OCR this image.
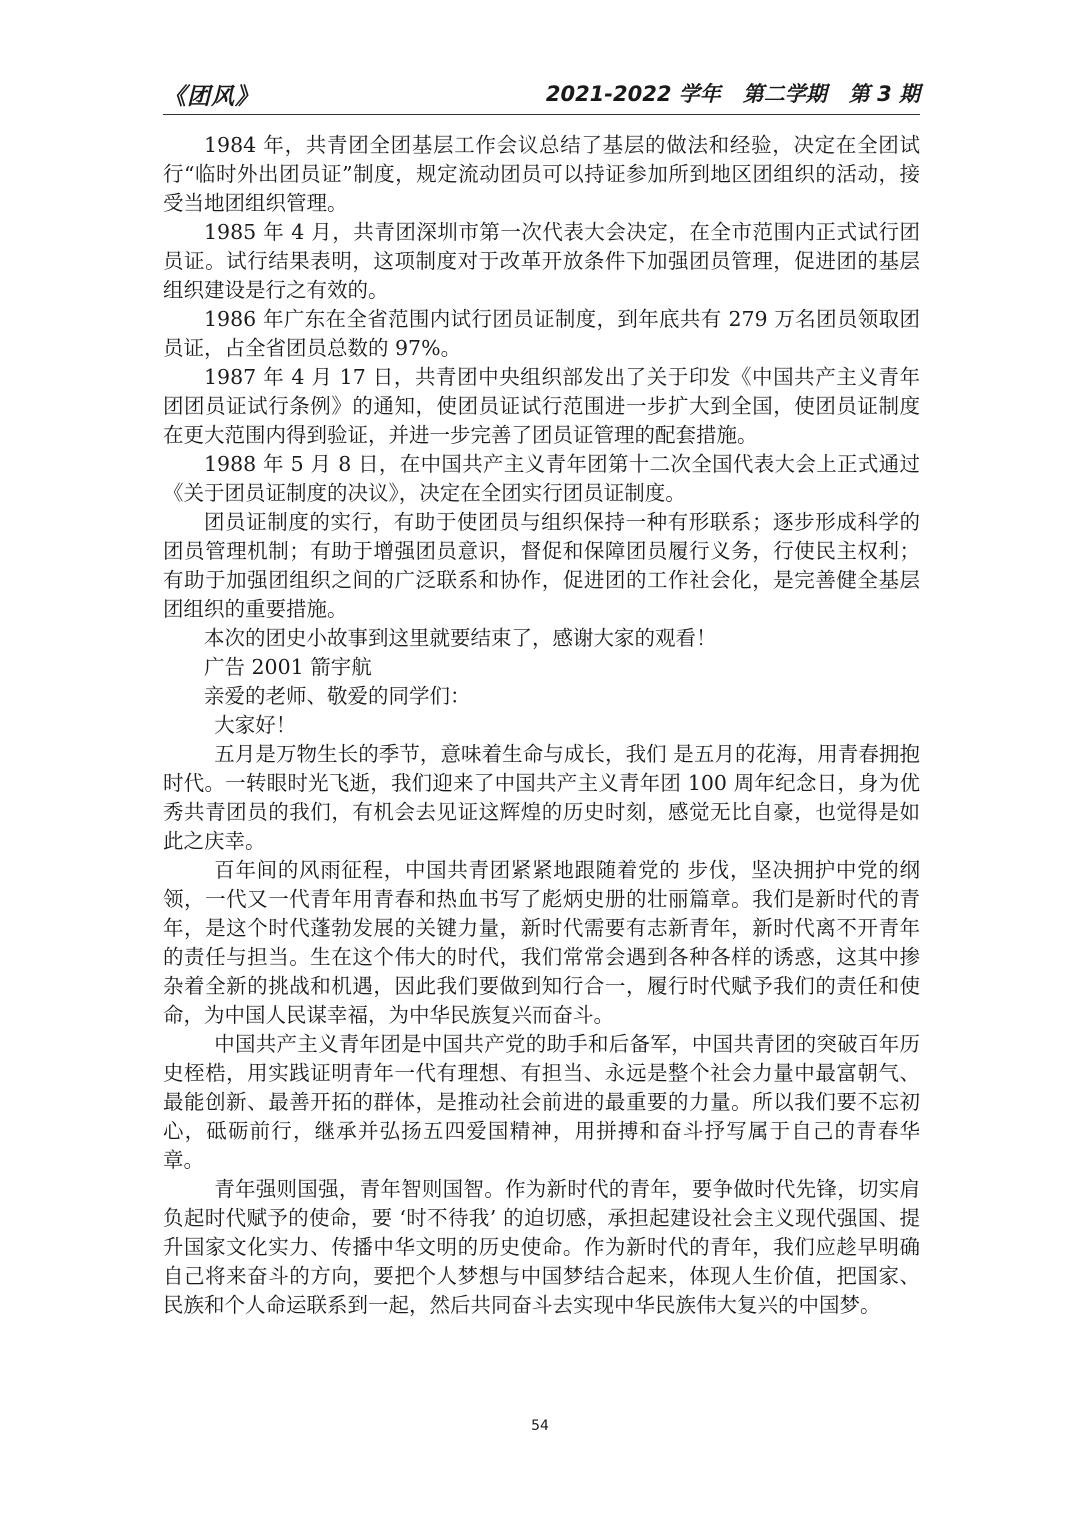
《团风》	2021-2022 学年 第二学期 第 3 期

1984 年，共青团全团基层工作会议总结了基层的做法和经验，决定在全团试行“临时外出团员证”制度，规定流动团员可以持证参加所到地区团组织的活动，接受当地团组织管理。

1985 年 4 月，共青团深圳市第一次代表大会决定，在全市范围内正式试行团员证。试行结果表明，这项制度对于改革开放条件下加强团员管理，促进团的基层组织建设是行之有效的。

1986 年广东在全省范围内试行团员证制度，到年底共有 279 万名团员领取团员证，占全省团员总数的 97%。

1987 年 4 月 17 日，共青团中央组织部发出了关于印发《中国共产主义青年团团员证试行条例》的通知，使团员证试行范围进一步扩大到全国，使团员证制度在更大范围内得到验证，并进一步完善了团员证管理的配套措施。

1988 年 5 月 8 日，在中国共产主义青年团第十二次全国代表大会上正式通过《关于团员证制度的决议》，决定在全团实行团员证制度。

团员证制度的实行，有助于使团员与组织保持一种有形联系；逐步形成科学的团员管理机制；有助于增强团员意识，督促和保障团员履行义务，行使民主权利；有助于加强团组织之间的广泛联系和协作，促进团的工作社会化，是完善健全基层团组织的重要措施。

本次的团史小故事到这里就要结束了，感谢大家的观看！

广告 2001 箭宇航

亲爱的老师、敬爱的同学们：

大家好！

五月是万物生长的季节，意味着生命与成长，我们 是五月的花海，用青春拥抱时代。一转眼时光飞逝，我们迎来了中国共产主义青年团 100 周年纪念日，身为优秀共青团员的我们，有机会去见证这辉煌的历史时刻，感觉无比自豪，也觉得是如此之庆幸。

百年间的风雨征程，中国共青团紧紧地跟随着党的 步伐，坚决拥护中党的纲领，一代又一代青年用青春和热血书写了彪炳史册的壮丽篇章。我们是新时代的青年，是这个时代蓬勃发展的关键力量，新时代需要有志新青年，新时代离不开青年的责任与担当。生在这个伟大的时代，我们常常会遇到各种各样的诱惑，这其中掺杂着全新的挑战和机遇，因此我们要做到知行合一，履行时代赋予我们的责任和使命，为中国人民谋幸福，为中华民族复兴而奋斗。

中国共产主义青年团是中国共产党的助手和后备军，中国共青团的突破百年历史桎梏，用实践证明青年一代有理想、有担当、永远是整个社会力量中最富朝气、最能创新、最善开拓的群体，是推动社会前进的最重要的力量。所以我们要不忘初心，砥砺前行，继承并弘扬五四爱国精神，用拼搏和奋斗抒写属于自己的青春华章。

青年强则国强，青年智则国智。作为新时代的青年，要争做时代先锋，切实肩负起时代赋予的使命，要 ‘时不待我’ 的迫切感，承担起建设社会主义现代强国、提升国家文化实力、传播中华文明的历史使命。作为新时代的青年，我们应趁早明确自己将来奋斗的方向，要把个人梦想与中国梦结合起来，体现人生价值，把国家、民族和个人命运联系到一起，然后共同奋斗去实现中华民族伟大复兴的中国梦。

54
